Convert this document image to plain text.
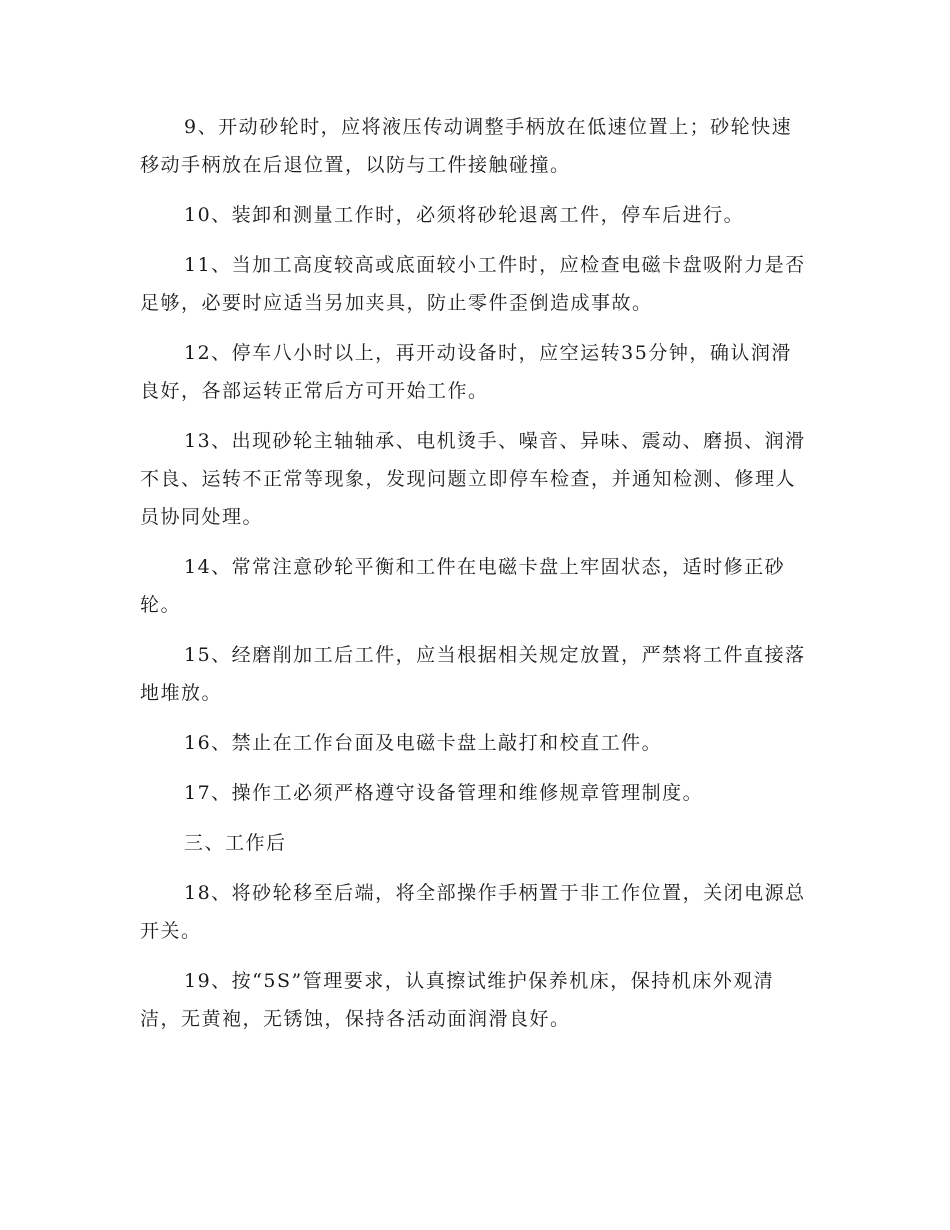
9、开动砂轮时，应将液压传动调整手柄放在低速位置上；砂轮快速移动手柄放在后退位置，以防与工件接触碰撞。

10、装卸和测量工作时，必须将砂轮退离工件，停车后进行。

11、当加工高度较高或底面较小工件时，应检查电磁卡盘吸附力是否足够，必要时应适当另加夹具，防止零件歪倒造成事故。

12、停车八小时以上，再开动设备时，应空运转35分钟，确认润滑良好，各部运转正常后方可开始工作。

13、出现砂轮主轴轴承、电机烫手、噪音、异味、震动、磨损、润滑不良、运转不正常等现象，发现问题立即停车检查，并通知检测、修理人员协同处理。

14、常常注意砂轮平衡和工件在电磁卡盘上牢固状态，适时修正砂轮。

15、经磨削加工后工件，应当根据相关规定放置，严禁将工件直接落地堆放。

16、禁止在工作台面及电磁卡盘上敲打和校直工件。

17、操作工必须严格遵守设备管理和维修规章管理制度。

三、工作后

18、将砂轮移至后端，将全部操作手柄置于非工作位置，关闭电源总开关。

19、按“5S”管理要求，认真擦试维护保养机床，保持机床外观清洁，无黄袍，无锈蚀，保持各活动面润滑良好。
